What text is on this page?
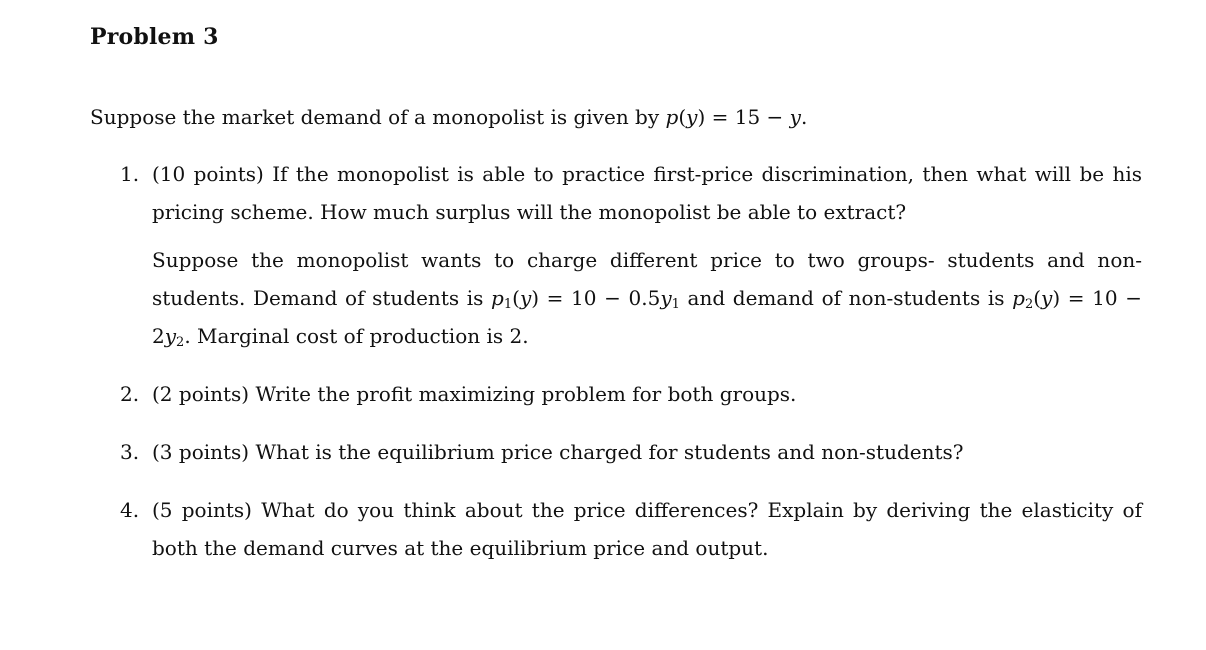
Problem 3
Suppose the market demand of a monopolist is given by p(y) = 15 − y.
1. (10 points) If the monopolist is able to practice first-price discrimination, then what will be his pricing scheme. How much surplus will the monopolist be able to extract?
Suppose the monopolist wants to charge different price to two groups- students and non-students. Demand of students is $p_1(y) = 10 - 0.5y_1$ and demand of non-students is $p_2(y) = 10 - 2y_2$. Marginal cost of production is 2.
2. (2 points) Write the profit maximizing problem for both groups.
3. (3 points) What is the equilibrium price charged for students and non-students?
4. (5 points) What do you think about the price differences? Explain by deriving the elasticity of both the demand curves at the equilibrium price and output.
